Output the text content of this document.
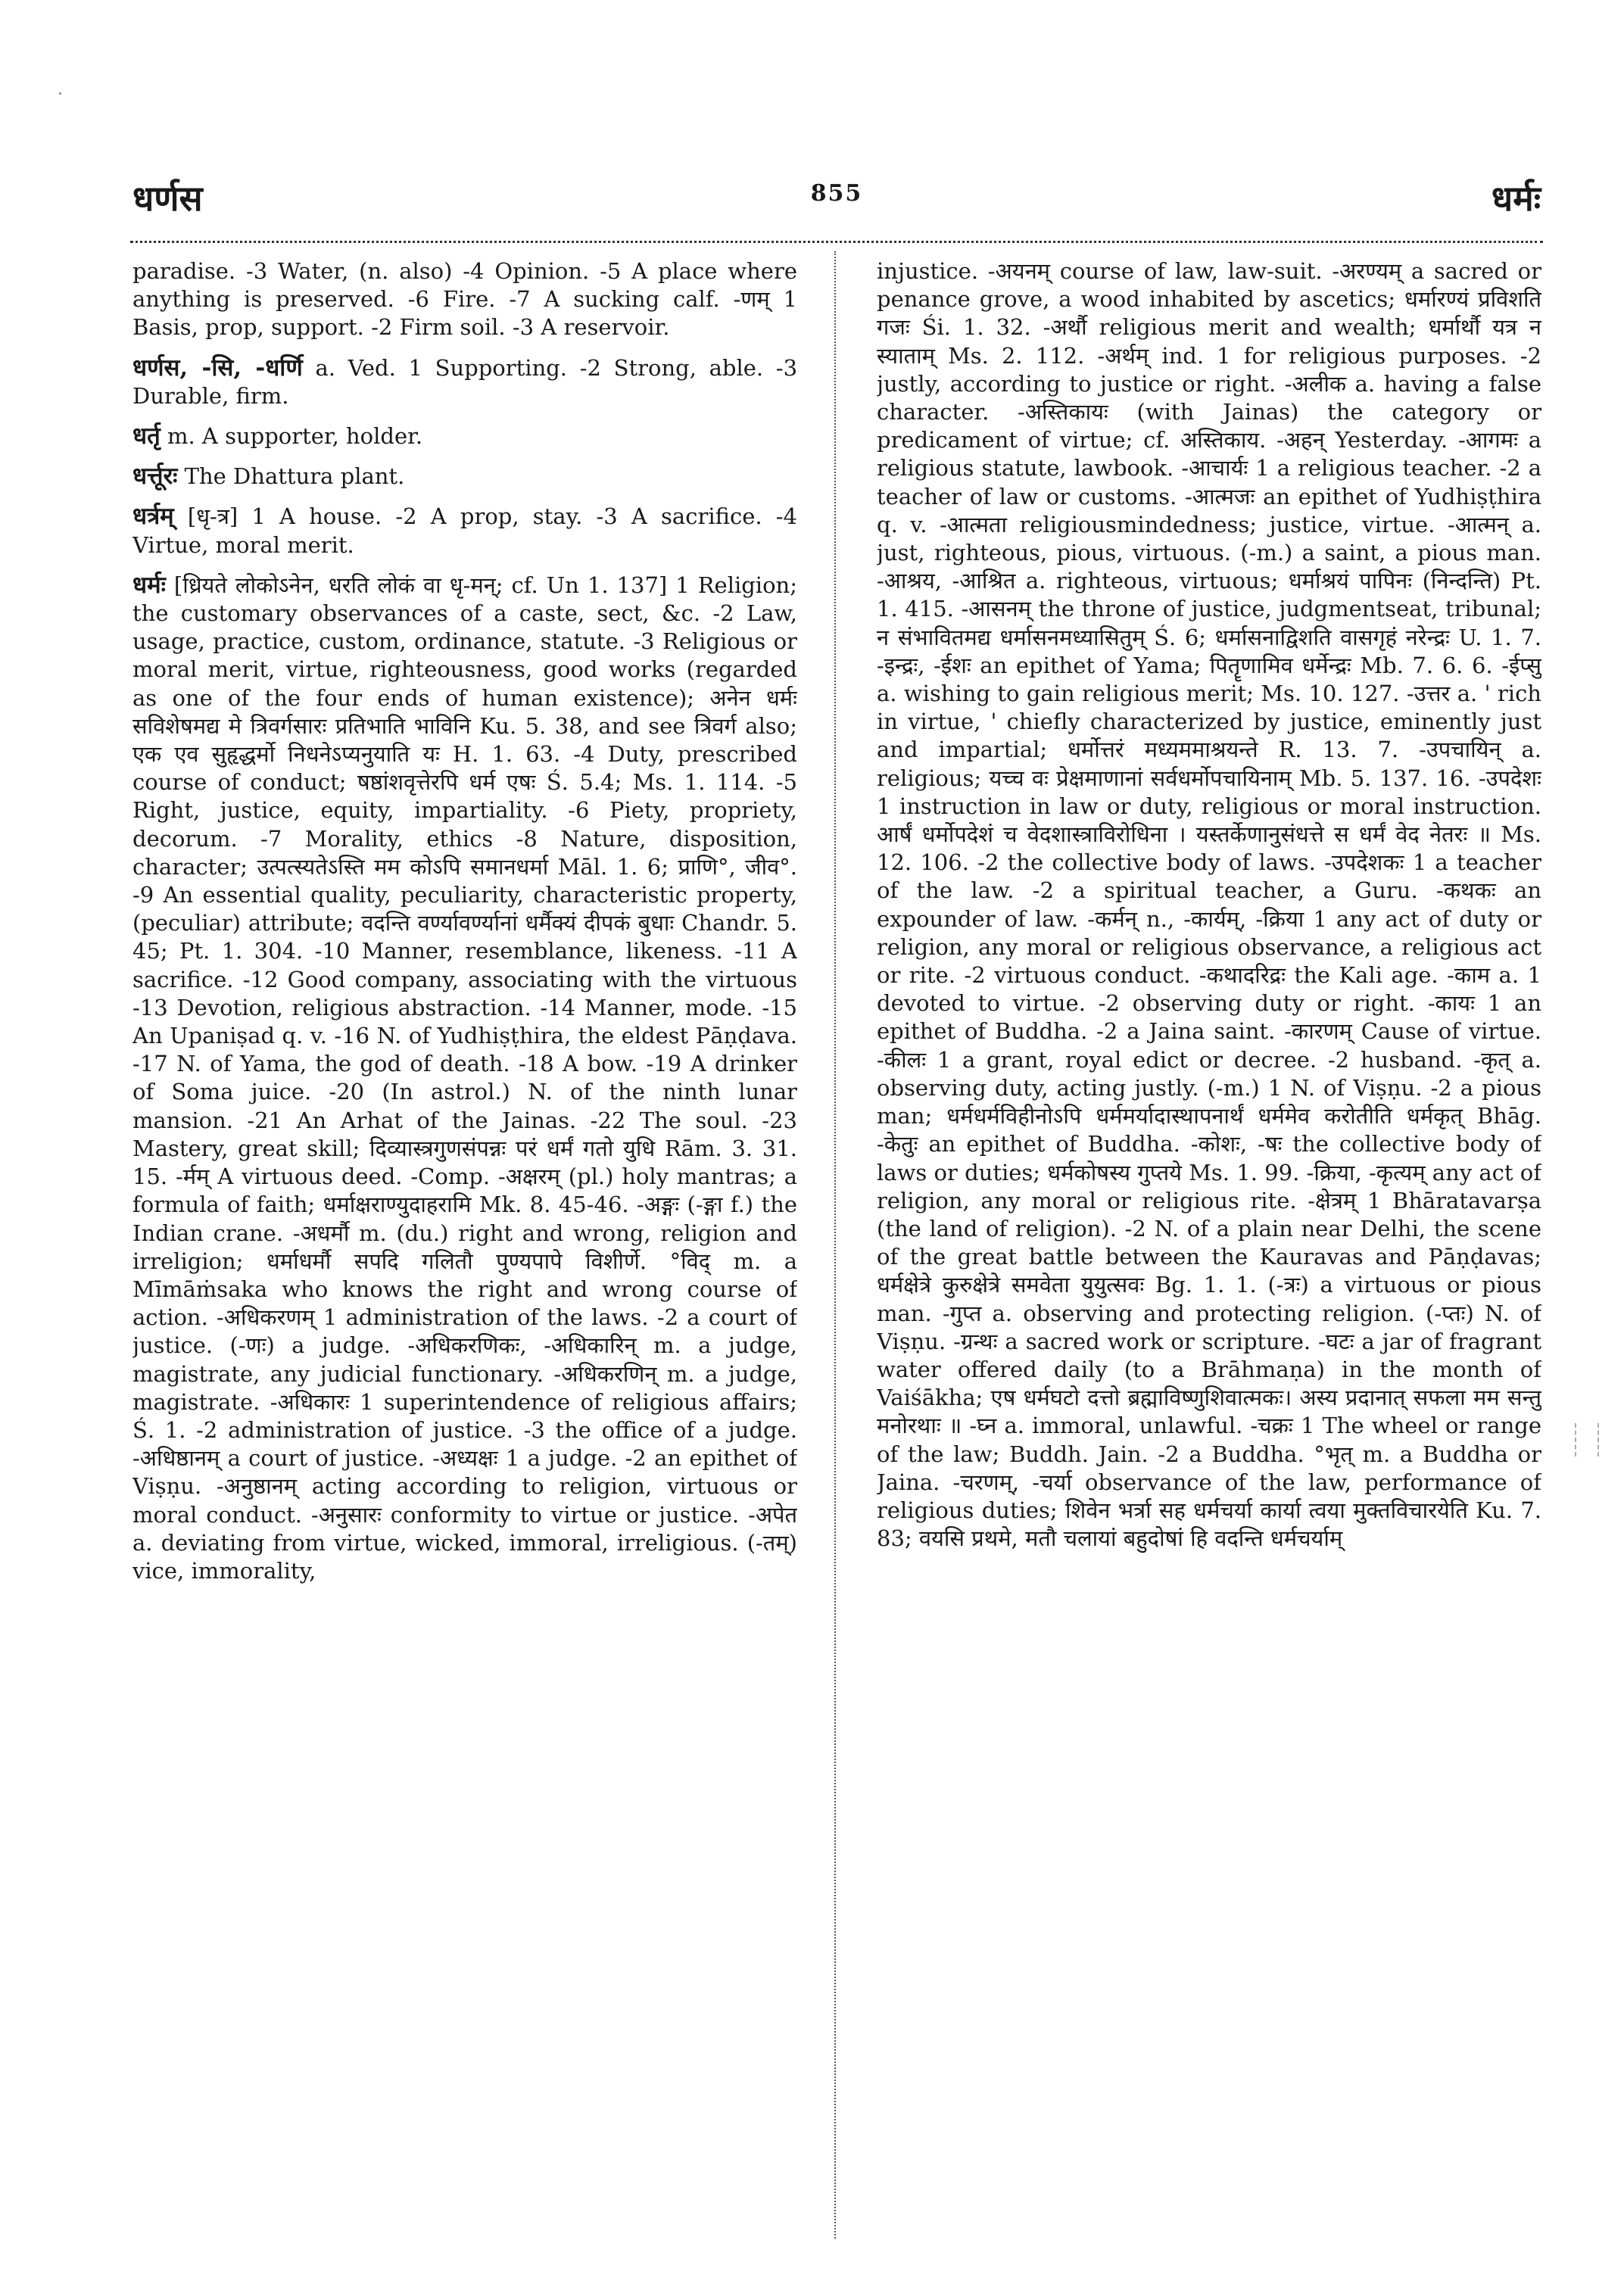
धर्णस	855	धर्मः

paradise. -3 Water, (n. also) -4 Opinion. -5 A place where anything is preserved. -6 Fire. -7 A sucking calf. -णम् 1 Basis, prop, support. -2 Firm soil. -3 A reservoir.

धर्णस, -सि, -धर्णि a. Ved. 1 Supporting. -2 Strong, able. -3 Durable, firm.

धर्तृ m. A supporter, holder.

धर्त्तूरः The Dhattura plant.

धर्त्रम् [धृ-त्र] 1 A house. -2 A prop, stay. -3 A sacrifice. -4 Virtue, moral merit.

धर्मः [ध्रियते लोकोऽनेन, धरति लोकं वा धृ-मन्; cf. Un 1. 137] 1 Religion; the customary observances of a caste, sect, &c. -2 Law, usage, practice, custom, ordinance, statute. -3 Religious or moral merit, virtue, righteousness, good works (regarded as one of the four ends of human existence); अनेन धर्मः सविशेषमद्य मे त्रिवर्गसारः प्रतिभाति भाविनि Ku. 5. 38, and see त्रिवर्ग also; एक एव सुहृद्धर्मो निधनेऽप्यनुयाति यः H. 1. 63. -4 Duty, prescribed course of conduct; षष्ठांशवृत्तेरपि धर्म एषः Ś. 5.4; Ms. 1. 114. -5 Right, justice, equity, impartiality. -6 Piety, propriety, decorum. -7 Morality, ethics -8 Nature, disposition, character; उत्पत्स्यतेऽस्ति मम कोऽपि समानधर्मा Māl. 1. 6; प्राणि°, जीव°. -9 An essential quality, peculiarity, characteristic property, (peculiar) attribute; वदन्ति वर्ण्यावर्ण्यानां धर्मैक्यं दीपकं बुधाः Chandr. 5. 45; Pt. 1. 304. -10 Manner, resemblance, likeness. -11 A sacrifice. -12 Good company, associating with the virtuous -13 Devotion, religious abstraction. -14 Manner, mode. -15 An Upaniṣad q. v. -16 N. of Yudhiṣṭhira, the eldest Pāṇḍava. -17 N. of Yama, the god of death. -18 A bow. -19 A drinker of Soma juice. -20 (In astrol.) N. of the ninth lunar mansion. -21 An Arhat of the Jainas. -22 The soul. -23 Mastery, great skill; दिव्यास्त्रगुणसंपन्नः परं धर्मं गतो युधि Rām. 3. 31. 15. -र्मम् A virtuous deed. -Comp. -अक्षरम् (pl.) holy mantras; a formula of faith; धर्माक्षराण्युदाहरामि Mk. 8. 45-46. -अङ्गः (-ङ्गा f.) the Indian crane. -अधर्मौ m. (du.) right and wrong, religion and irreligion; धर्माधर्मौ सपदि गलितौ पुण्यपापे विशीर्णे. °विद् m. a Mīmāṁsaka who knows the right and wrong course of action. -अधिकरणम् 1 administration of the laws. -2 a court of justice. (-णः) a judge. -अधिकरणिकः, -अधिकारिन् m. a judge, magistrate, any judicial functionary. -अधिकरणिन् m. a judge, magistrate. -अधिकारः 1 superintendence of religious affairs; Ś. 1. -2 administration of justice. -3 the office of a judge. -अधिष्ठानम् a court of justice. -अध्यक्षः 1 a judge. -2 an epithet of Viṣṇu. -अनुष्ठानम् acting according to religion, virtuous or moral conduct. -अनुसारः conformity to virtue or justice. -अपेत a. deviating from virtue, wicked, immoral, irreligious. (-तम्) vice, immorality,

injustice. -अयनम् course of law, law-suit. -अरण्यम् a sacred or penance grove, a wood inhabited by ascetics; धर्मारण्यं प्रविशति गजः Śi. 1. 32. -अर्थौ religious merit and wealth; धर्मार्थौ यत्र न स्याताम् Ms. 2. 112. -अर्थम् ind. 1 for religious purposes. -2 justly, according to justice or right. -अलीक a. having a false character. -अस्तिकायः (with Jainas) the category or predicament of virtue; cf. अस्तिकाय. -अहन् Yesterday. -आगमः a religious statute, lawbook. -आचार्यः 1 a religious teacher. -2 a teacher of law or customs. -आत्मजः an epithet of Yudhiṣṭhira q. v. -आत्मता religiousmindedness; justice, virtue. -आत्मन् a. just, righteous, pious, virtuous. (-m.) a saint, a pious man. -आश्रय, -आश्रित a. righteous, virtuous; धर्माश्रयं पापिनः (निन्दन्ति) Pt. 1. 415. -आसनम् the throne of justice, judgmentseat, tribunal; न संभावितमद्य धर्मासनमध्यासितुम् Ś. 6; धर्मासनाद्विशति वासगृहं नरेन्द्रः U. 1. 7. -इन्द्रः, -ईशः an epithet of Yama; पितॄणामिव धर्मेन्द्रः Mb. 7. 6. 6. -ईप्सु a. wishing to gain religious merit; Ms. 10. 127. -उत्तर a. ' rich in virtue, ' chiefly characterized by justice, eminently just and impartial; धर्मोत्तरं मध्यममाश्रयन्ते R. 13. 7. -उपचायिन् a. religious; यच्च वः प्रेक्षमाणानां सर्वधर्मोपचायिनाम् Mb. 5. 137. 16. -उपदेशः 1 instruction in law or duty, religious or moral instruction. आर्षं धर्मोपदेशं च वेदशास्त्राविरोधिना । यस्तर्केणानुसंधत्ते स धर्मं वेद नेतरः ॥ Ms. 12. 106. -2 the collective body of laws. -उपदेशकः 1 a teacher of the law. -2 a spiritual teacher, a Guru. -कथकः an expounder of law. -कर्मन् n., -कार्यम्, -क्रिया 1 any act of duty or religion, any moral or religious observance, a religious act or rite. -2 virtuous conduct. -कथादरिद्रः the Kali age. -काम a. 1 devoted to virtue. -2 observing duty or right. -कायः 1 an epithet of Buddha. -2 a Jaina saint. -कारणम् Cause of virtue. -कीलः 1 a grant, royal edict or decree. -2 husband. -कृत् a. observing duty, acting justly. (-m.) 1 N. of Viṣṇu. -2 a pious man; धर्मधर्मविहीनोऽपि धर्ममर्यादास्थापनार्थं धर्ममेव करोतीति धर्मकृत् Bhāg. -केतुः an epithet of Buddha. -कोशः, -षः the collective body of laws or duties; धर्मकोषस्य गुप्तये Ms. 1. 99. -क्रिया, -कृत्यम् any act of religion, any moral or religious rite. -क्षेत्रम् 1 Bhāratavarṣa (the land of religion). -2 N. of a plain near Delhi, the scene of the great battle between the Kauravas and Pāṇḍavas; धर्मक्षेत्रे कुरुक्षेत्रे समवेता युयुत्सवः Bg. 1. 1. (-त्रः) a virtuous or pious man. -गुप्त a. observing and protecting religion. (-प्तः) N. of Viṣṇu. -ग्रन्थः a sacred work or scripture. -घटः a jar of fragrant water offered daily (to a Brāhmaṇa) in the month of Vaiśākha; एष धर्मघटो दत्तो ब्रह्माविष्णुशिवात्मकः। अस्य प्रदानात् सफला मम सन्तु मनोरथाः ॥ -घ्न a. immoral, unlawful. -चक्रः 1 The wheel or range of the law; Buddh. Jain. -2 a Buddha. °भृत् m. a Buddha or Jaina. -चरणम्, -चर्या observance of the law, performance of religious duties; शिवेन भर्त्रा सह धर्मचर्या कार्या त्वया मुक्तविचारयेति Ku. 7. 83; वयसि प्रथमे, मतौ चलायां बहुदोषां हि वदन्ति धर्मचर्याम्
